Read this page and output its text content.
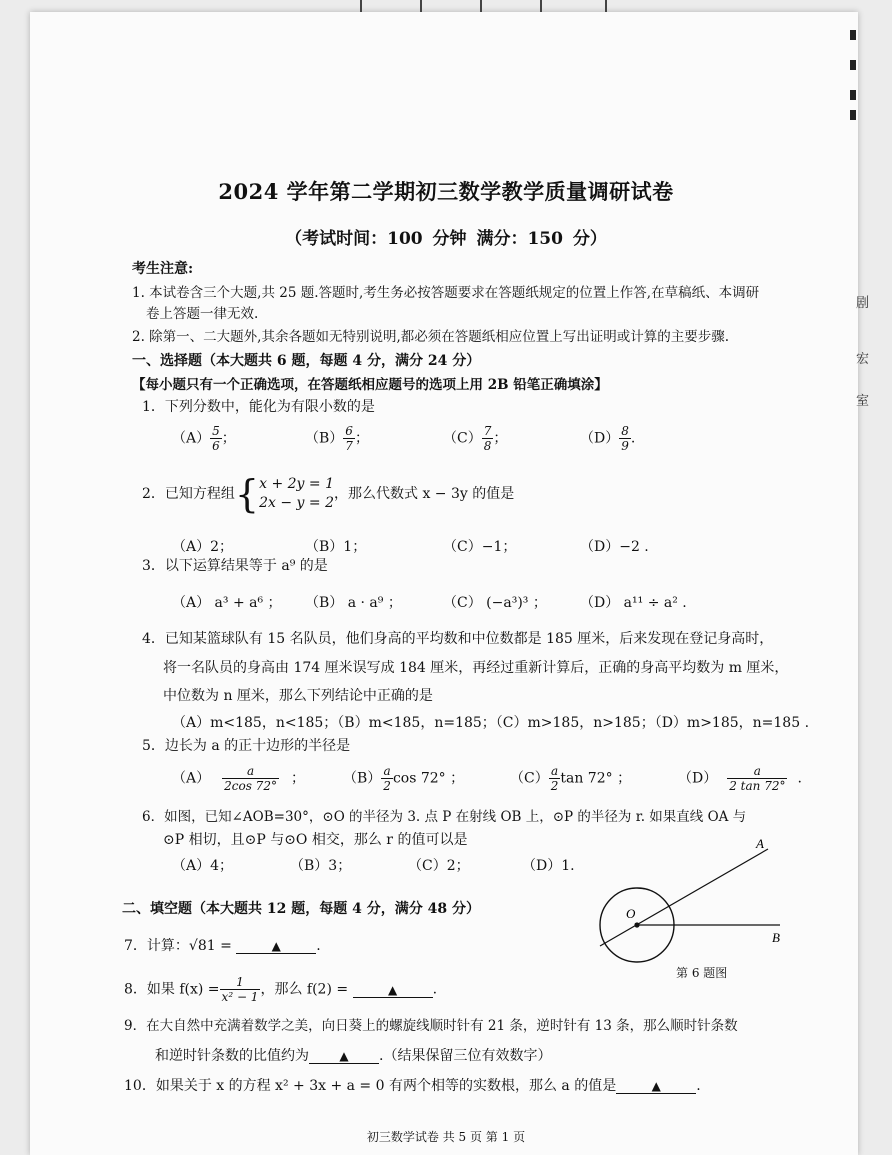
剧
宏
室
2024 学年第二学期初三数学教学质量调研试卷
（考试时间：100 分钟 满分：150 分）
考生注意:
1. 本试卷含三个大题,共 25 题.答题时,考生务必按答题要求在答题纸规定的位置上作答,在草稿纸、本调研
卷上答题一律无效.
2. 除第一、二大题外,其余各题如无特别说明,都必须在答题纸相应位置上写出证明或计算的主要步骤.
一、选择题（本大题共 6 题，每题 4 分，满分 24 分）
【每小题只有一个正确选项，在答题纸相应题号的选项上用 2B 铅笔正确填涂】
1．下列分数中，能化为有限小数的是
$(A) \frac{5}{6}$ ；	$(B) \frac{6}{7}$ ；	$(C) \frac{7}{8}$ ；	$(D) \frac{8}{9}$ .
2．已知方程组{x + 2y = 1
2x − y = 2，那么代数式 x − 3y 的值是
（A）2；	（B）1；	（C）−1；	（D）−2 .
3．以下运算结果等于 a⁹ 的是
（A） a³ + a⁶ ； （B） a · a⁹ ；	（C） (−a³)³ ； （D） a¹¹ ÷ a² .
4．已知某篮球队有 15 名队员，他们身高的平均数和中位数都是 185 厘米，后来发现在登记身高时，
将一名队员的身高由 174 厘米误写成 184 厘米，再经过重新计算后，正确的身高平均数为 m 厘米，
中位数为 n 厘米，那么下列结论中正确的是
（A）m<185，n<185；（B）m<185，n=185；（C）m>185，n>185；（D）m>185，n=185 .
5．边长为 a 的正十边形的半径是
$(A) \frac{a}{2\cos 72^\circ}$ ；	$(B) \frac{a}{2}$ cos 72° ；	$(C) \frac{a}{2}$ tan 72° ；	$(D) \frac{a}{2 \tan 72^\circ}$ .
6．如图，已知∠AOB=30°，⊙O 的半径为 3. 点 P 在射线 OB 上，⊙P 的半径为 r. 如果直线 OA 与
⊙P 相切，且⊙P 与⊙O 相交，那么 r 的值可以是
（A）4；	（B）3；	（C）2；	（D）1.
O
A
B
第 6 题图
二、填空题（本大题共 12 题，每题 4 分，满分 48 分）
7．计算：√81 =	▲	.
8．如果 $f(x) = \frac{1}{\text{x² − 1}}$ ，那么 f(2) =	▲	.
9．在大自然中充满着数学之美，向日葵上的螺旋线顺时针有 21 条，逆时针有 13 条，那么顺时针条数
和逆时针条数的比值约为	▲ .（结果保留三位有效数字）
10．如果关于 x 的方程 x² + 3x + a = 0 有两个相等的实数根，那么 a 的值是	▲	.
初三数学试卷 共 5 页 第 1 页
